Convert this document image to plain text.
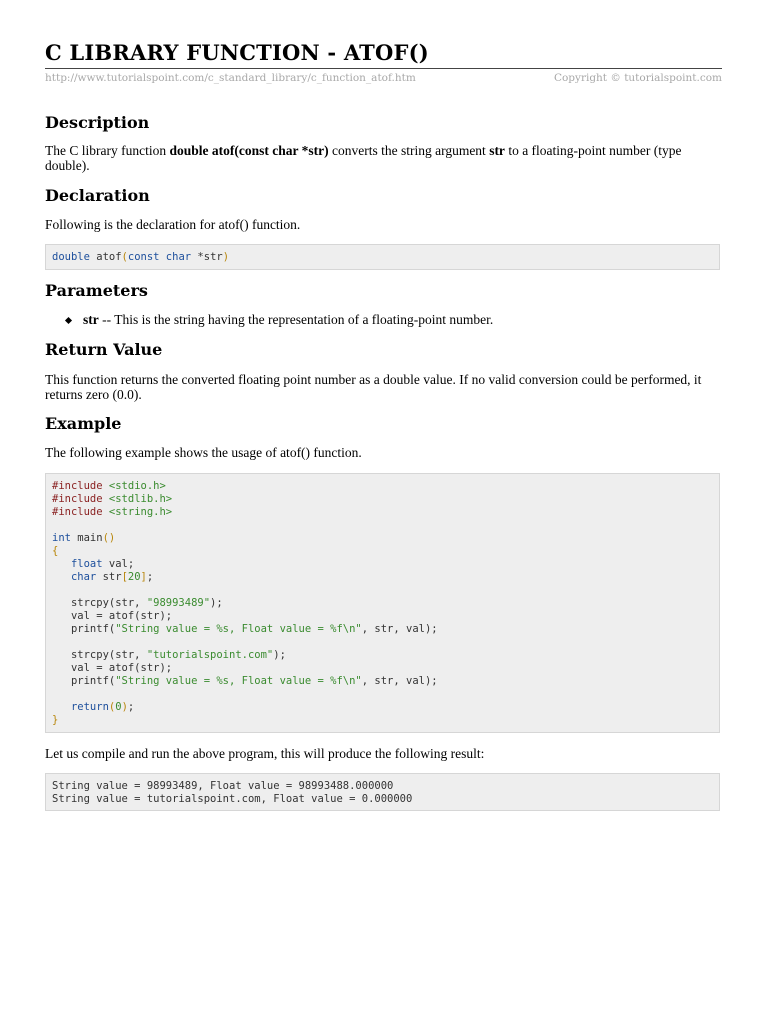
C LIBRARY FUNCTION - ATOF()
http://www.tutorialspoint.com/c_standard_library/c_function_atof.htm	Copyright © tutorialspoint.com
Description

The C library function double atof(const char *str) converts the string argument str to a floating-point number (type double).

Declaration

Following is the declaration for atof() function.

double atof(const char *str)
Parameters
str -- This is the string having the representation of a floating-point number.
Return Value

This function returns the converted floating point number as a double value. If no valid conversion could be performed, it returns zero (0.0).

Example

The following example shows the usage of atof() function.

#include <stdio.h>
#include <stdlib.h>
#include <string.h>

int main()
{
float val;
char str[20];

strcpy(str, "98993489");
val = atof(str);
printf("String value = %s, Float value = %f\n", str, val);

strcpy(str, "tutorialspoint.com");
val = atof(str);
printf("String value = %s, Float value = %f\n", str, val);

return(0);
}

Let us compile and run the above program, this will produce the following result:

String value = 98993489, Float value = 98993488.000000
String value = tutorialspoint.com, Float value = 0.000000
